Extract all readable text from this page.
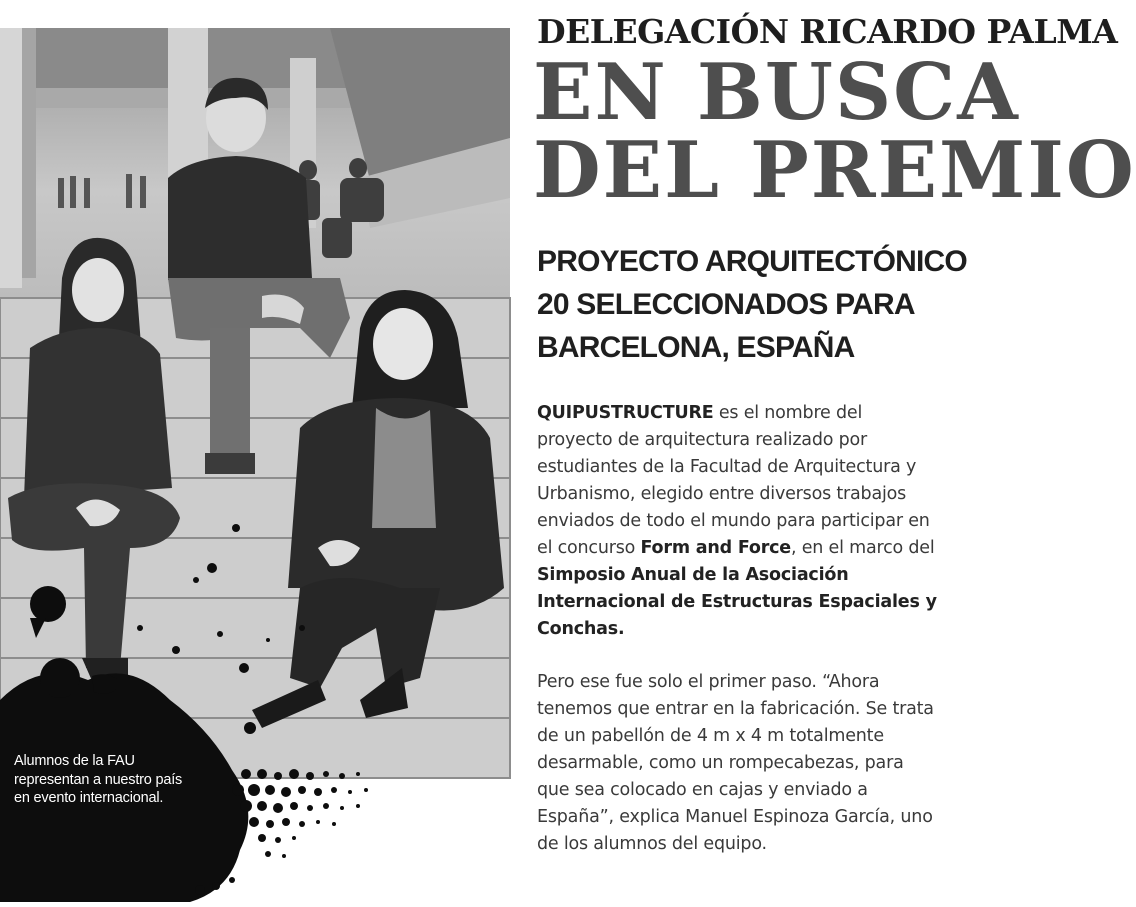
Alumnos de la FAU representan a nuestro país en evento internacional.
DELEGACIÓN RICARDO PALMA
EN BUSCA
DEL PREMIO
PROYECTO ARQUITECTÓNICO
20 SELECCIONADOS PARA
BARCELONA, ESPAÑA

QUIPUSTRUCTURE es el nombre del proyecto de arquitectura realizado por estudiantes de la Facultad de Arquitectura y Urbanismo, elegido entre diversos trabajos enviados de todo el mundo para participar en el concurso Form and Force, en el marco del Simposio Anual de la Asociación Internacional de Estructuras Espaciales y Conchas.

Pero ese fue solo el primer paso. “Ahora tenemos que entrar en la fabricación. Se trata de un pabellón de 4 m x 4 m totalmente desarmable, como un rompecabezas, para que sea colocado en cajas y enviado a España”, explica Manuel Espinoza García, uno de los alumnos del equipo.
